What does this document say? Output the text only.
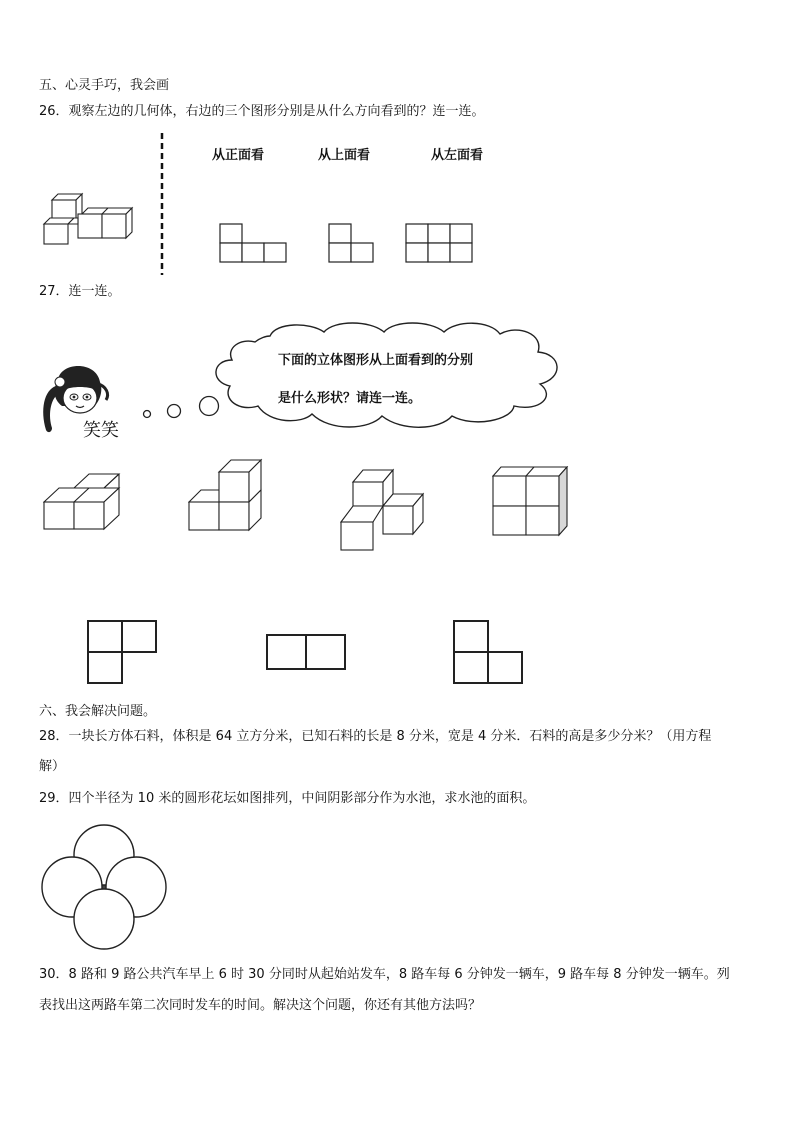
五、心灵手巧，我会画
26．观察左边的几何体，右边的三个图形分别是从什么方向看到的？连一连。
从正面看	从上面看	从左面看
27．连一连。
笑笑
下面的立体图形从上面看到的分别
是什么形状？请连一连。
六、我会解决问题。
28．一块长方体石料，体积是 64 立方分米，已知石料的长是 8 分米，宽是 4 分米．石料的高是多少分米？（用方程
解）
29．四个半径为 10 米的圆形花坛如图排列，中间阴影部分作为水池，求水池的面积。
30．8 路和 9 路公共汽车早上 6 时 30 分同时从起始站发车，8 路车每 6 分钟发一辆车，9 路车每 8 分钟发一辆车。列
表找出这两路车第二次同时发车的时间。解决这个问题，你还有其他方法吗？
